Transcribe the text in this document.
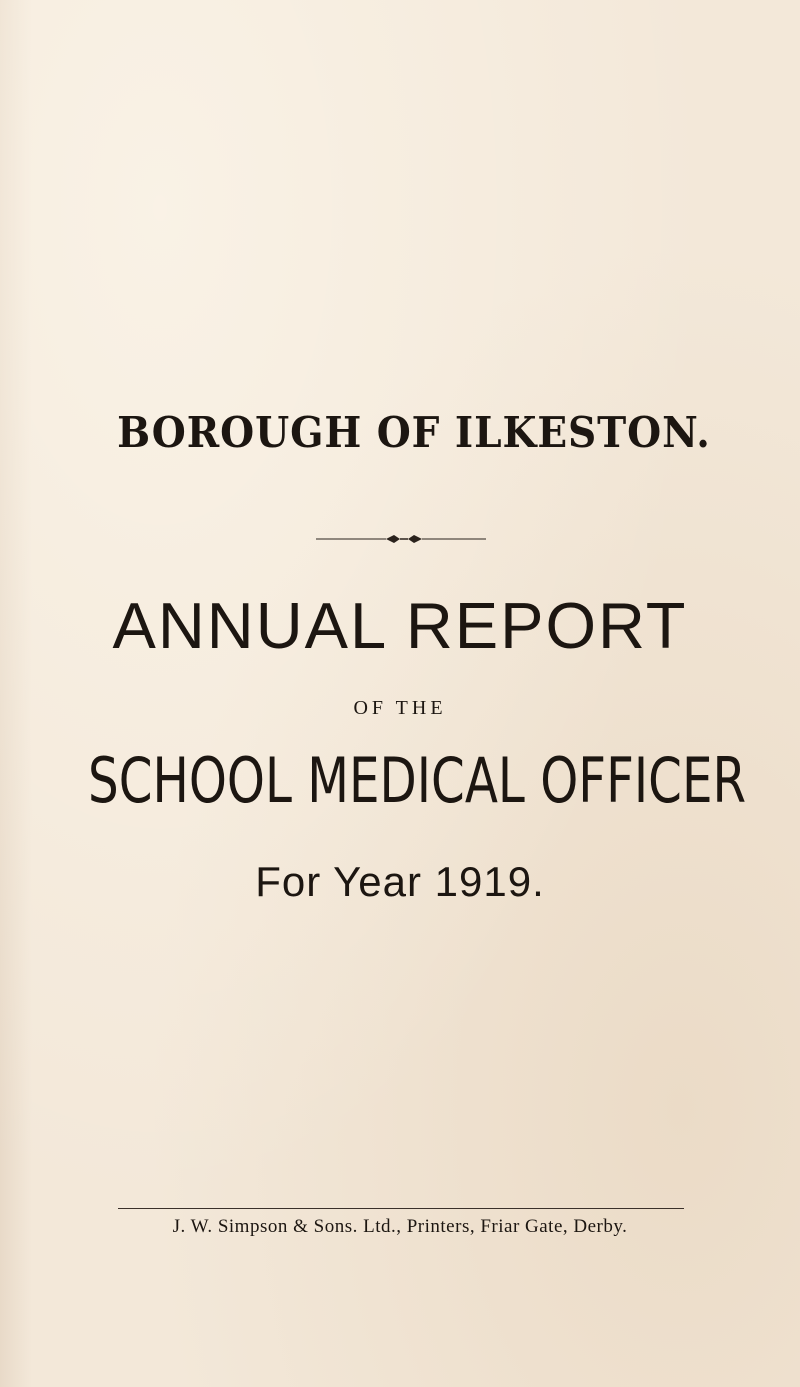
BOROUGH OF ILKESTON.
ANNUAL REPORT
OF THE
SCHOOL MEDICAL OFFICER
For Year 1919.
J. W. Simpson & Sons. Ltd., Printers, Friar Gate, Derby.
